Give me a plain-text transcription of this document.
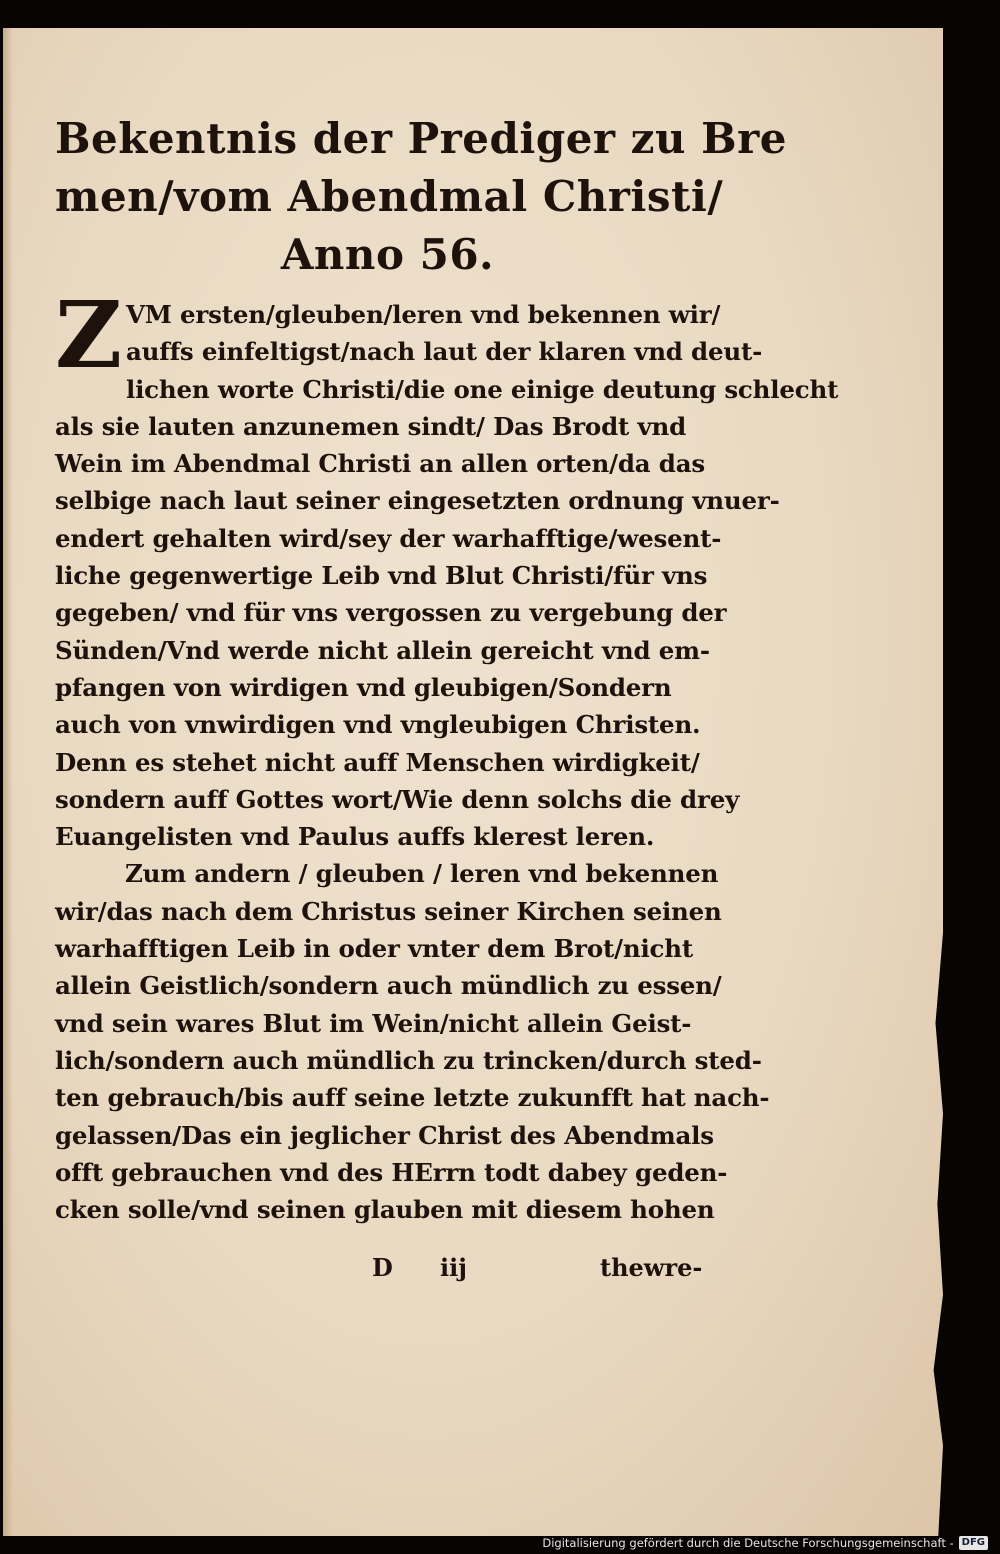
Bekentnis der Prediger zu Bre
men/vom Abendmal Christi/
Anno 56.
Z VM ersten/gleuben/leren vnd bekennen wir/
auffs einfeltigst/nach laut der klaren vnd deut-
lichen worte Christi/die one einige deutung schlecht
als sie lauten anzunemen sindt/ Das Brodt vnd
Wein im Abendmal Christi an allen orten/da das
selbige nach laut seiner eingesetzten ordnung vnuer-
endert gehalten wird/sey der warhafftige/wesent-
liche gegenwertige Leib vnd Blut Christi/für vns
gegeben/ vnd für vns vergossen zu vergebung der
Sünden/Vnd werde nicht allein gereicht vnd em-
pfangen von wirdigen vnd gleubigen/Sondern
auch von vnwirdigen vnd vngleubigen Christen.
Denn es stehet nicht auff Menschen wirdigkeit/
sondern auff Gottes wort/Wie denn solchs die drey
Euangelisten vnd Paulus auffs klerest leren.
Zum andern / gleuben / leren vnd bekennen
wir/das nach dem Christus seiner Kirchen seinen
warhafftigen Leib in oder vnter dem Brot/nicht
allein Geistlich/sondern auch mündlich zu essen/
vnd sein wares Blut im Wein/nicht allein Geist-
lich/sondern auch mündlich zu trincken/durch sted-
ten gebrauch/bis auff seine letzte zukunfft hat nach-
gelassen/Das ein jeglicher Christ des Abendmals
offt gebrauchen vnd des HErrn todt dabey geden-
cken solle/vnd seinen glauben mit diesem hohen
D iij	thewre-
Digitalisierung gefördert durch die Deutsche Forschungsgemeinschaft - DFG
